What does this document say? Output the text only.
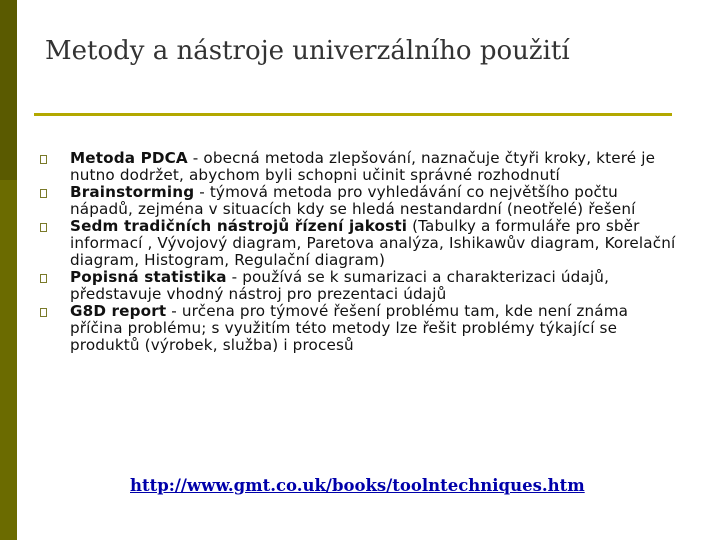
Metody a nástroje univerzálního použití
Metoda PDCA - obecná metoda zlepšování, naznačuje čtyři kroky, které je nutno dodržet, abychom byli schopni učinit správné rozhodnutí
Brainstorming - týmová metoda pro vyhledávání co největšího počtu nápadů, zejména v situacích kdy se hledá nestandardní (neotřelé) řešení
Sedm tradičních nástrojů řízení jakosti (Tabulky a formuláře pro sběr informací , Vývojový diagram, Paretova analýza, Ishikawův diagram, Korelační diagram, Histogram, Regulační diagram)
Popisná statistika - používá se k sumarizaci a charakterizaci údajů, představuje vhodný nástroj pro prezentaci údajů
G8D report - určena pro týmové řešení problému tam, kde není známa příčina problému; s využitím této metody lze řešit problémy týkající se produktů (výrobek, služba) i procesů
http://www.gmt.co.uk/books/toolntechniques.htm
